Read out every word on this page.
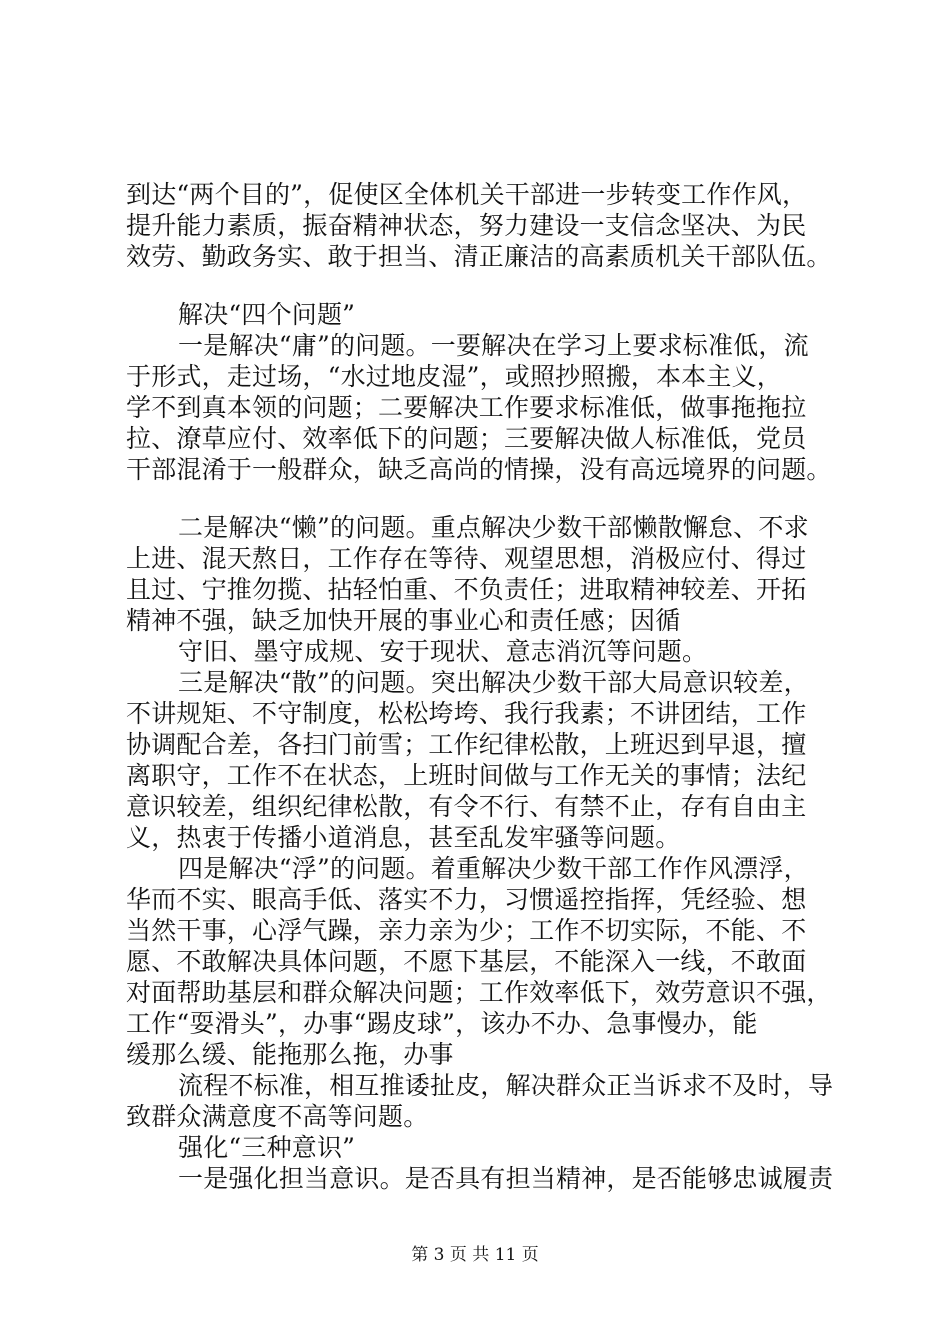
到达“两个目的”，促使区全体机关干部进一步转变工作作风，
提升能力素质，振奋精神状态，努力建设一支信念坚决、为民
效劳、勤政务实、敢于担当、清正廉洁的高素质机关干部队伍。
解决“四个问题”
一是解决“庸”的问题。一要解决在学习上要求标准低，流
于形式，走过场，“水过地皮湿”，或照抄照搬，本本主义，
学不到真本领的问题；二要解决工作要求标准低，做事拖拖拉
拉、潦草应付、效率低下的问题；三要解决做人标准低，党员
干部混淆于一般群众，缺乏高尚的情操，没有高远境界的问题。
二是解决“懒”的问题。重点解决少数干部懒散懈怠、不求
上进、混天熬日，工作存在等待、观望思想，消极应付、得过
且过、宁推勿揽、拈轻怕重、不负责任；进取精神较差、开拓
精神不强，缺乏加快开展的事业心和责任感；因循
守旧、墨守成规、安于现状、意志消沉等问题。
三是解决“散”的问题。突出解决少数干部大局意识较差，
不讲规矩、不守制度，松松垮垮、我行我素；不讲团结，工作
协调配合差，各扫门前雪；工作纪律松散，上班迟到早退，擅
离职守，工作不在状态，上班时间做与工作无关的事情；法纪
意识较差，组织纪律松散，有令不行、有禁不止，存有自由主
义，热衷于传播小道消息，甚至乱发牢骚等问题。
四是解决“浮”的问题。着重解决少数干部工作作风漂浮，
华而不实、眼高手低、落实不力，习惯遥控指挥，凭经验、想
当然干事，心浮气躁，亲力亲为少；工作不切实际，不能、不
愿、不敢解决具体问题，不愿下基层，不能深入一线，不敢面
对面帮助基层和群众解决问题；工作效率低下，效劳意识不强，
工作“耍滑头”，办事“踢皮球”，该办不办、急事慢办，能
缓那么缓、能拖那么拖，办事
流程不标准，相互推诿扯皮，解决群众正当诉求不及时，导
致群众满意度不高等问题。
强化“三种意识”
一是强化担当意识。是否具有担当精神，是否能够忠诚履责
第 3 页 共 11 页
